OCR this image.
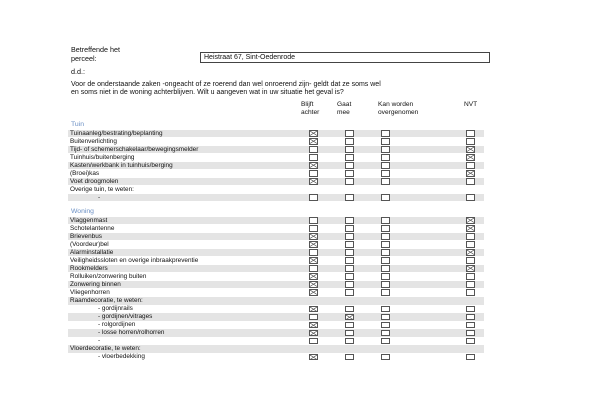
Betreffende het
perceel:	Heistraat 67, Sint-Oedenrode
d.d.:
Voor de onderstaande zaken -ongeacht of ze roerend dan wel onroerend zijn- geldt dat ze soms wel
en soms niet in de woning achterblijven. Wilt u aangeven wat in uw situatie het geval is?
Blijft
achter
Gaat
mee
Kan worden
overgenomen
NVT
Tuin
Tuinaanleg/bestrating/beplanting
Buitenverlichting
Tijd- of schemerschakelaar/bewegingsmelder
Tuinhuis/buitenberging
Kasten/werkbank in tuinhuis/berging
(Broei)kas
Voet droogmolen
Overige tuin, te weten:
-
Woning
Vlaggenmast
Schotelantenne
Brievenbus
(Voordeur)bel
Alarminstallatie
Veiligheidssloten en overige inbraakpreventie
Rookmelders
Rolluiken/zonwering buiten
Zonwering binnen
Vliegenhorren
Raamdecoratie, te weten:
- gordijnrails
- gordijnen/vitrages
- rolgordijnen
- losse horren/rolhorren
-
Vloerdecoratie, te weten:
- vloerbedekking
